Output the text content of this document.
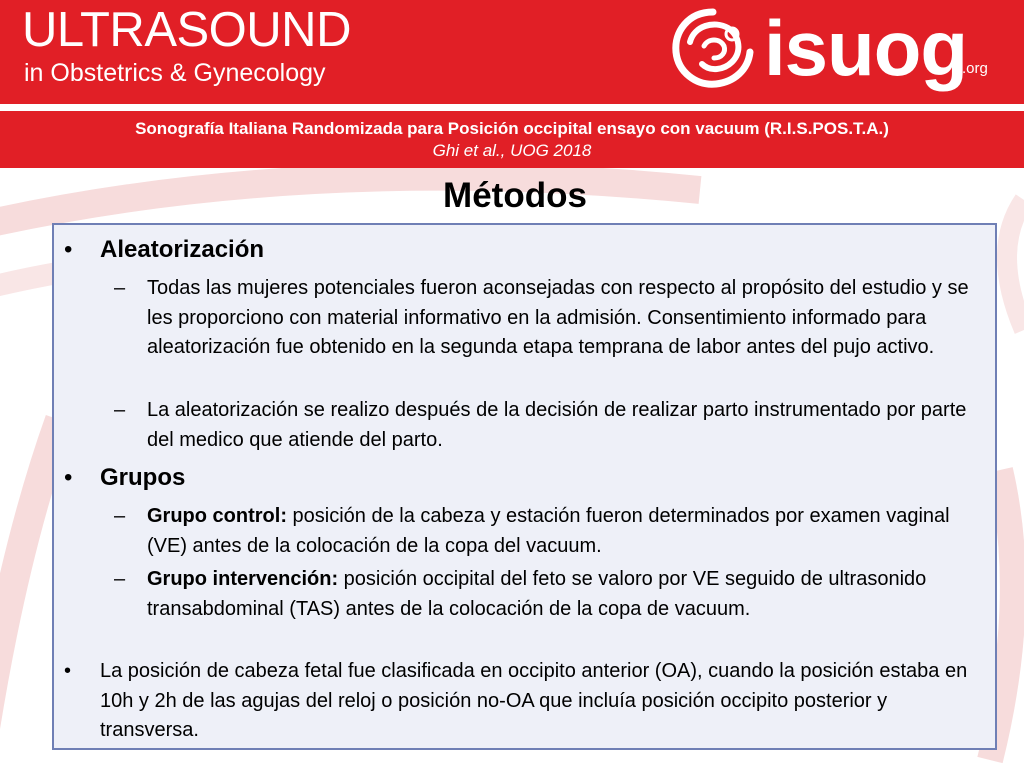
ULTRASOUND
in Obstetrics & Gynecology	isuog
.org
Sonografía Italiana Randomizada para Posición occipital ensayo con vacuum (R.I.S.POS.T.A.)
Ghi et al., UOG 2018
Métodos
• Aleatorización
– Todas las mujeres potenciales fueron aconsejadas con respecto al propósito del estudio y se les proporciono con material informativo en la admisión. Consentimiento informado para aleatorización fue obtenido en la segunda etapa temprana de labor antes del pujo activo.
– La aleatorización se realizo después de la decisión de realizar parto instrumentado por parte del medico que atiende del parto.
• Grupos
– Grupo control: posición de la cabeza y estación fueron determinados por examen vaginal (VE) antes de la colocación de la copa del vacuum.
– Grupo intervención: posición occipital del feto se valoro por VE seguido de ultrasonido transabdominal (TAS) antes de la colocación de la copa de vacuum.
• La posición de cabeza fetal fue clasificada en occipito anterior (OA), cuando la posición estaba en 10h y 2h de las agujas del reloj o posición no-OA que incluía posición occipito posterior y transversa.
